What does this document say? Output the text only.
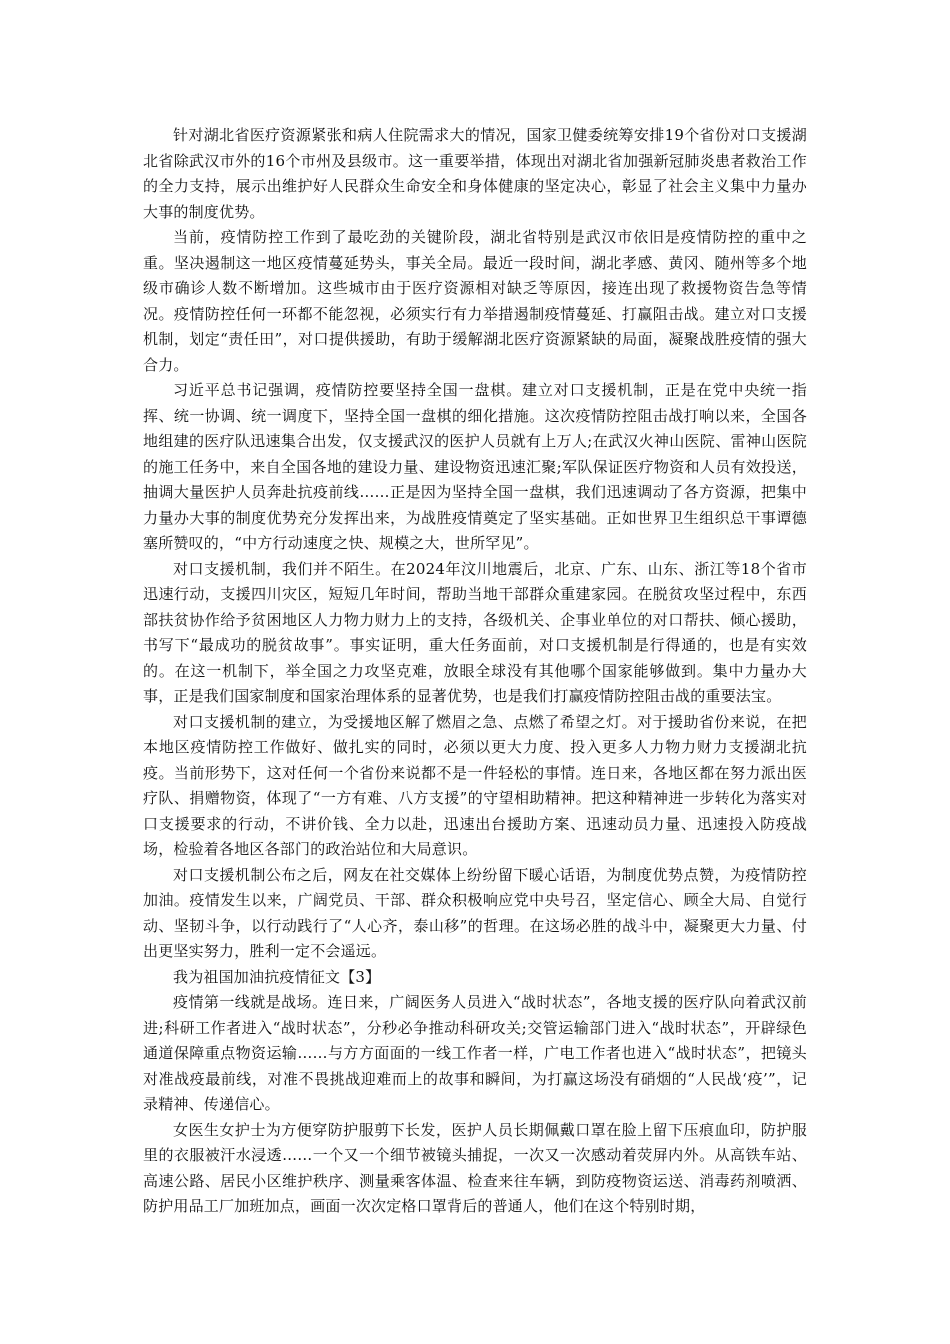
针对湖北省医疗资源紧张和病人住院需求大的情况，国家卫健委统筹安排19个省份对口支援湖北省除武汉市外的16个市州及县级市。这一重要举措，体现出对湖北省加强新冠肺炎患者救治工作的全力支持，展示出维护好人民群众生命安全和身体健康的坚定决心，彰显了社会主义集中力量办大事的制度优势。

当前，疫情防控工作到了最吃劲的关键阶段，湖北省特别是武汉市依旧是疫情防控的重中之重。坚决遏制这一地区疫情蔓延势头，事关全局。最近一段时间，湖北孝感、黄冈、随州等多个地级市确诊人数不断增加。这些城市由于医疗资源相对缺乏等原因，接连出现了救援物资告急等情况。疫情防控任何一环都不能忽视，必须实行有力举措遏制疫情蔓延、打赢阻击战。建立对口支援机制，划定“责任田”，对口提供援助，有助于缓解湖北医疗资源紧缺的局面，凝聚战胜疫情的强大合力。

习近平总书记强调，疫情防控要坚持全国一盘棋。建立对口支援机制，正是在党中央统一指挥、统一协调、统一调度下，坚持全国一盘棋的细化措施。这次疫情防控阻击战打响以来，全国各地组建的医疗队迅速集合出发，仅支援武汉的医护人员就有上万人;在武汉火神山医院、雷神山医院的施工任务中，来自全国各地的建设力量、建设物资迅速汇聚;军队保证医疗物资和人员有效投送，抽调大量医护人员奔赴抗疫前线……正是因为坚持全国一盘棋，我们迅速调动了各方资源，把集中力量办大事的制度优势充分发挥出来，为战胜疫情奠定了坚实基础。正如世界卫生组织总干事谭德塞所赞叹的，“中方行动速度之快、规模之大，世所罕见”。

对口支援机制，我们并不陌生。在2024年汶川地震后，北京、广东、山东、浙江等18个省市迅速行动，支援四川灾区，短短几年时间，帮助当地干部群众重建家园。在脱贫攻坚过程中，东西部扶贫协作给予贫困地区人力物力财力上的支持，各级机关、企事业单位的对口帮扶、倾心援助，书写下“最成功的脱贫故事”。事实证明，重大任务面前，对口支援机制是行得通的，也是有实效的。在这一机制下，举全国之力攻坚克难，放眼全球没有其他哪个国家能够做到。集中力量办大事，正是我们国家制度和国家治理体系的显著优势，也是我们打赢疫情防控阻击战的重要法宝。

对口支援机制的建立，为受援地区解了燃眉之急、点燃了希望之灯。对于援助省份来说，在把本地区疫情防控工作做好、做扎实的同时，必须以更大力度、投入更多人力物力财力支援湖北抗疫。当前形势下，这对任何一个省份来说都不是一件轻松的事情。连日来，各地区都在努力派出医疗队、捐赠物资，体现了“一方有难、八方支援”的守望相助精神。把这种精神进一步转化为落实对口支援要求的行动，不讲价钱、全力以赴，迅速出台援助方案、迅速动员力量、迅速投入防疫战场，检验着各地区各部门的政治站位和大局意识。

对口支援机制公布之后，网友在社交媒体上纷纷留下暖心话语，为制度优势点赞，为疫情防控加油。疫情发生以来，广阔党员、干部、群众积极响应党中央号召，坚定信心、顾全大局、自觉行动、坚韧斗争，以行动践行了“人心齐，泰山移”的哲理。在这场必胜的战斗中，凝聚更大力量、付出更坚实努力，胜利一定不会遥远。

我为祖国加油抗疫情征文【3】

疫情第一线就是战场。连日来，广阔医务人员进入“战时状态”，各地支援的医疗队向着武汉前进;科研工作者进入“战时状态”，分秒必争推动科研攻关;交管运输部门进入“战时状态”，开辟绿色通道保障重点物资运输……与方方面面的一线工作者一样，广电工作者也进入“战时状态”，把镜头对准战疫最前线，对准不畏挑战迎难而上的故事和瞬间，为打赢这场没有硝烟的“人民战‘疫’”，记录精神、传递信心。

女医生女护士为方便穿防护服剪下长发，医护人员长期佩戴口罩在脸上留下压痕血印，防护服里的衣服被汗水浸透……一个又一个细节被镜头捕捉，一次又一次感动着荧屏内外。从高铁车站、高速公路、居民小区维护秩序、测量乘客体温、检查来往车辆，到防疫物资运送、消毒药剂喷洒、防护用品工厂加班加点，画面一次次定格口罩背后的普通人，他们在这个特别时期，
